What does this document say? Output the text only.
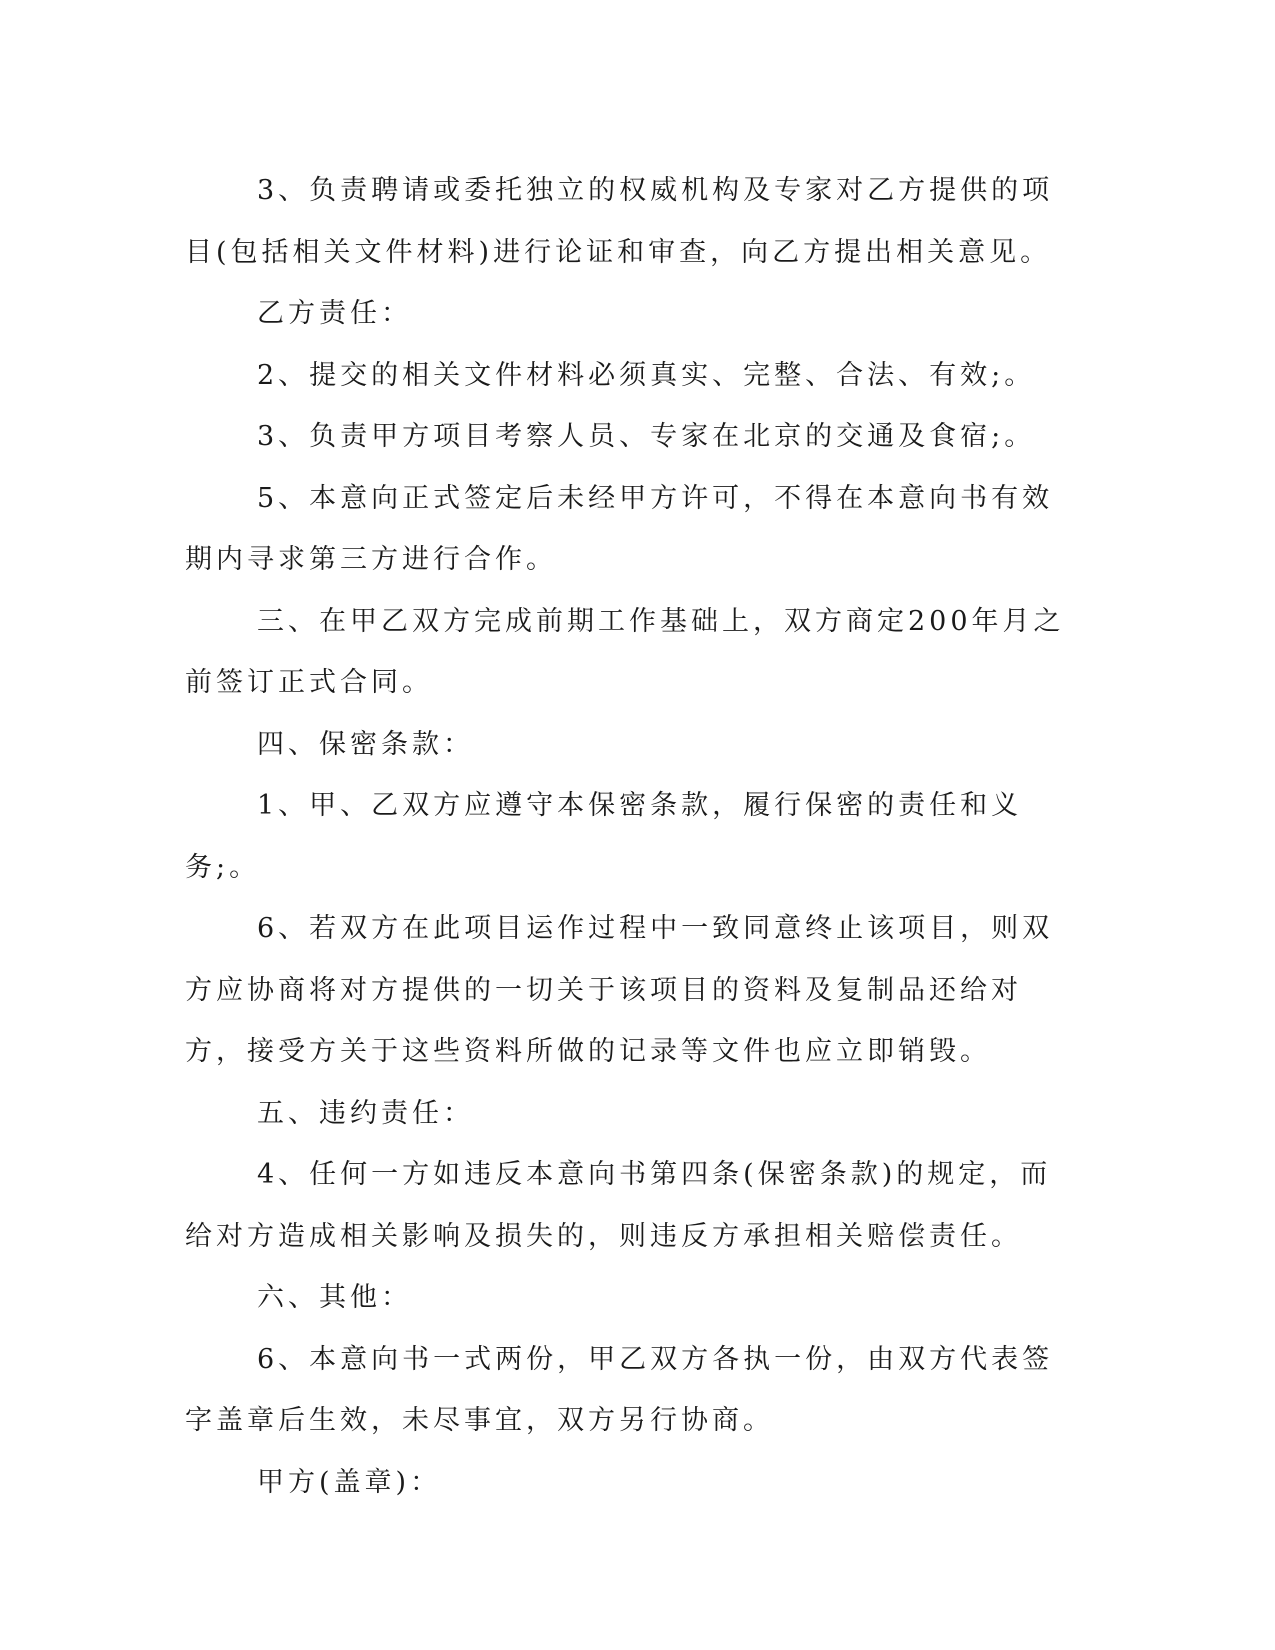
3、负责聘请或委托独立的权威机构及专家对乙方提供的项目(包括相关文件材料)进行论证和审查，向乙方提出相关意见。

乙方责任：

2、提交的相关文件材料必须真实、完整、合法、有效;。

3、负责甲方项目考察人员、专家在北京的交通及食宿;。

5、本意向正式签定后未经甲方许可，不得在本意向书有效期内寻求第三方进行合作。

三、在甲乙双方完成前期工作基础上，双方商定200年月之前签订正式合同。

四、保密条款：

1、甲、乙双方应遵守本保密条款，履行保密的责任和义务;。

6、若双方在此项目运作过程中一致同意终止该项目，则双方应协商将对方提供的一切关于该项目的资料及复制品还给对方，接受方关于这些资料所做的记录等文件也应立即销毁。

五、违约责任：

4、任何一方如违反本意向书第四条(保密条款)的规定，而给对方造成相关影响及损失的，则违反方承担相关赔偿责任。

六、其他：

6、本意向书一式两份，甲乙双方各执一份，由双方代表签字盖章后生效，未尽事宜，双方另行协商。

甲方(盖章)：
